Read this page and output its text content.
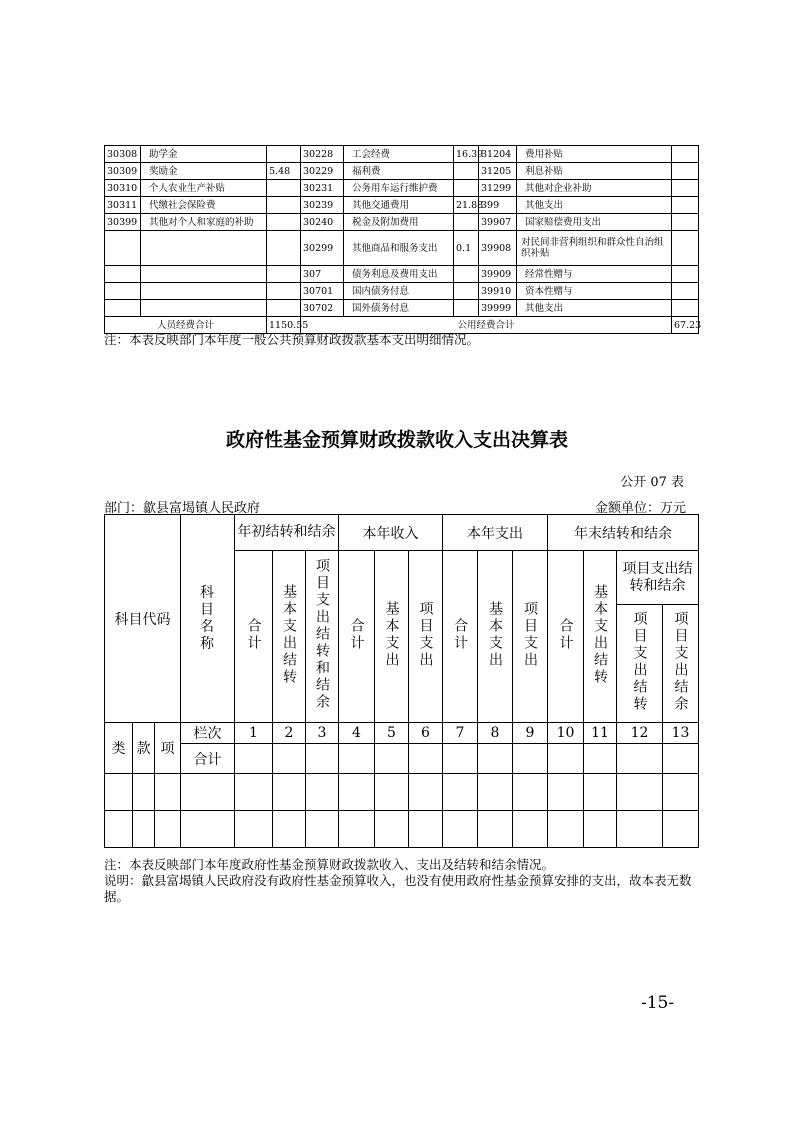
30308	助学金		30228	工会经费	16.39	31204	费用补贴	
30309	奖励金	5.48	30229	福利费		31205	利息补贴	
30310	个人农业生产补贴		30231	公务用车运行维护费		31299	其他对企业补助	
30311	代缴社会保险费		30239	其他交通费用	21.88	399	其他支出	
30399	其他对个人和家庭的补助		30240	税金及附加费用		39907	国家赔偿费用支出	
			30299	其他商品和服务支出	0.1	39908	对民间非营利组织和群众性自治组织补贴	
			307	债务利息及费用支出		39909	经常性赠与	
			30701	国内债务付息		39910	资本性赠与	
			30702	国外债务付息		39999	其他支出	
人员经费合计		1150.55	公用经费合计					67.23
注：本表反映部门本年度一般公共预算财政拨款基本支出明细情况。
政府性基金预算财政拨款收入支出决算表
公开 07 表
部门：歙县富堨镇人民政府	金额单位：万元
科目代码			科目名称	年初结转和结余			本年收入			本年支出			年末结转和结余			
				合计	基本支出结转	项目支出结转和结余	合计	基本支出	项目支出	合计	基本支出	项目支出	合计	基本支出结转	项目支出结转和结余	
															项目支出结转	项目支出结余

类	款	项	栏次	1	2	3	4	5	6	7	8	9	10	11	12	13
			合计													

注：本表反映部门本年度政府性基金预算财政拨款收入、支出及结转和结余情况。
说明：歙县富堨镇人民政府没有政府性基金预算收入，也没有使用政府性基金预算安排的支出，故本表无数据。
-15-
